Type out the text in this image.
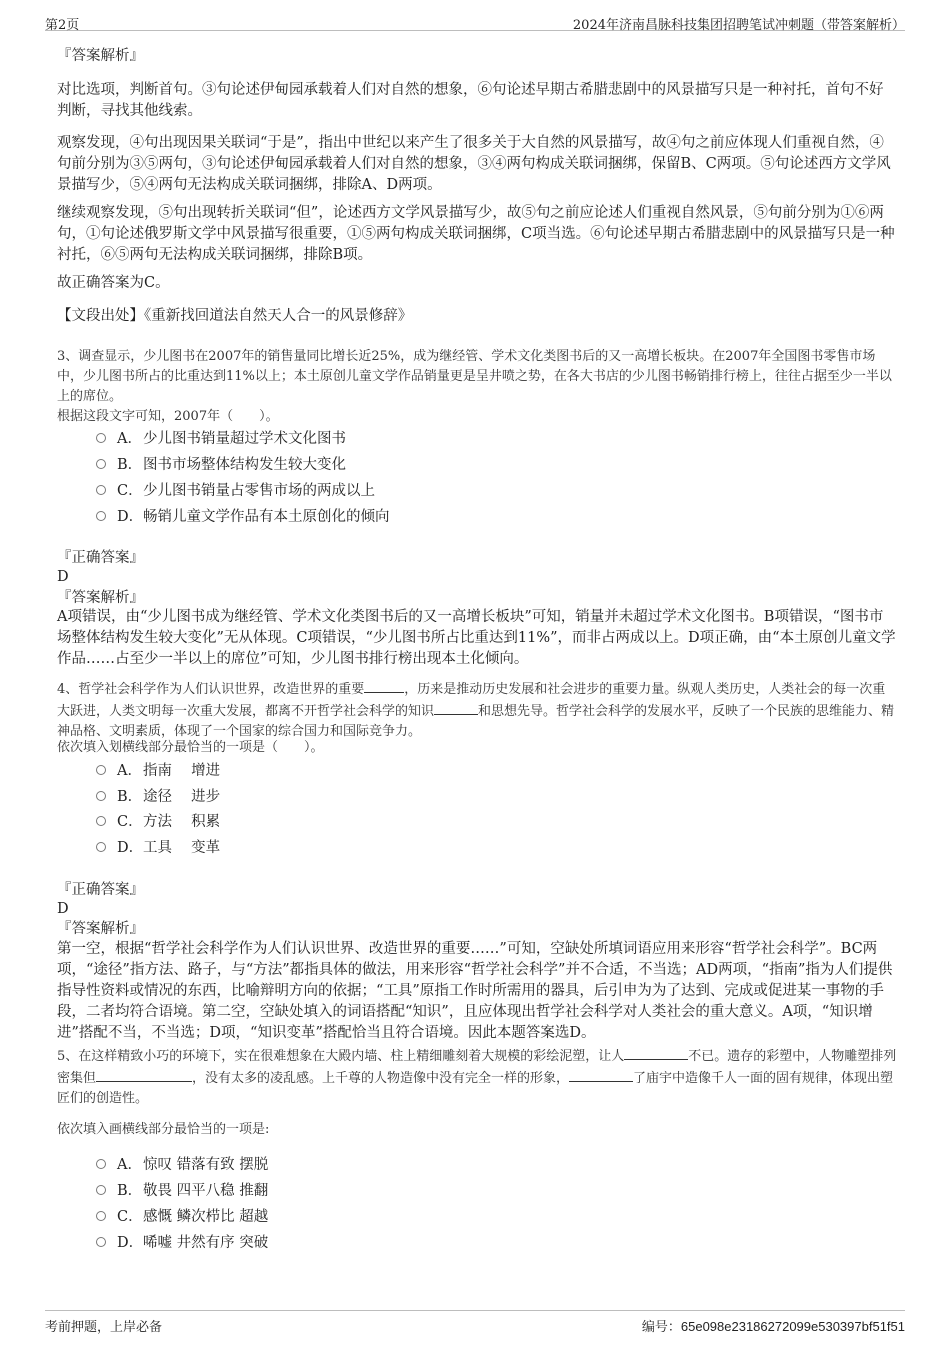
第2页	2024年济南昌脉科技集团招聘笔试冲刺题（带答案解析）

『答案解析』

对比选项，判断首句。③句论述伊甸园承载着人们对自然的想象，⑥句论述早期古希腊悲剧中的风景描写只是一种衬托，首句不好判断，寻找其他线索。

观察发现，④句出现因果关联词“于是”，指出中世纪以来产生了很多关于大自然的风景描写，故④句之前应体现人们重视自然，④句前分别为③⑤两句，③句论述伊甸园承载着人们对自然的想象，③④两句构成关联词捆绑，保留B、C两项。⑤句论述西方文学风景描写少，⑤④两句无法构成关联词捆绑，排除A、D两项。

继续观察发现，⑤句出现转折关联词“但”，论述西方文学风景描写少，故⑤句之前应论述人们重视自然风景，⑤句前分别为①⑥两句，①句论述俄罗斯文学中风景描写很重要，①⑤两句构成关联词捆绑，C项当选。⑥句论述早期古希腊悲剧中的风景描写只是一种衬托，⑥⑤两句无法构成关联词捆绑，排除B项。

故正确答案为C。

【文段出处】《重新找回道法自然天人合一的风景修辞》

3、调查显示，少儿图书在2007年的销售量同比增长近25%，成为继经管、学术文化类图书后的又一高增长板块。在2007年全国图书零售市场中，少儿图书所占的比重达到11%以上；本土原创儿童文学作品销量更是呈井喷之势，在各大书店的少儿图书畅销排行榜上，往往占据至少一半以上的席位。

根据这段文字可知，2007年（　　）。

A．少儿图书销量超过学术文化图书
B．图书市场整体结构发生较大变化
C．少儿图书销量占零售市场的两成以上
D．畅销儿童文学作品有本土原创化的倾向

『正确答案』

D

『答案解析』

A项错误，由“少儿图书成为继经管、学术文化类图书后的又一高增长板块”可知，销量并未超过学术文化图书。B项错误，“图书市场整体结构发生较大变化”无从体现。C项错误，“少儿图书所占比重达到11%”，而非占两成以上。D项正确，由“本土原创儿童文学作品……占至少一半以上的席位”可知，少儿图书排行榜出现本土化倾向。

4、哲学社会科学作为人们认识世界，改造世界的重要	，历来是推动历史发展和社会进步的重要力量。纵观人类历史，人类社会的每一次重大跃进，人类文明每一次重大发展，都离不开哲学社会科学的知识	和思想先导。哲学社会科学的发展水平，反映了一个民族的思维能力、精神品格、文明素质，体现了一个国家的综合国力和国际竞争力。

依次填入划横线部分最恰当的一项是（　　）。

A．指南　 增进
B．途径　 进步
C．方法　 积累
D．工具　 变革

『正确答案』

D

『答案解析』

第一空，根据“哲学社会科学作为人们认识世界、改造世界的重要……”可知，空缺处所填词语应用来形容“哲学社会科学”。BC两项，“途径”指方法、路子，与“方法”都指具体的做法，用来形容“哲学社会科学”并不合适，不当选；AD两项，“指南”指为人们提供指导性资料或情况的东西，比喻辩明方向的依据；“工具”原指工作时所需用的器具，后引申为为了达到、完成或促进某一事物的手段，二者均符合语境。第二空，空缺处填入的词语搭配“知识”，且应体现出哲学社会科学对人类社会的重大意义。A项，“知识增进”搭配不当，不当选；D项，“知识变革”搭配恰当且符合语境。因此本题答案选D。

5、在这样精致小巧的环境下，实在很难想象在大殿内墙、柱上精细雕刻着大规模的彩绘泥塑，让人	不已。遗存的彩塑中，人物雕塑排列密集但	，没有太多的凌乱感。上千尊的人物造像中没有完全一样的形象，	了庙宇中造像千人一面的固有规律，体现出塑匠们的创造性。

依次填入画横线部分最恰当的一项是:

A．惊叹 错落有致 摆脱
B．敬畏 四平八稳 推翻
C．感慨 鳞次栉比 超越
D．唏嘘 井然有序 突破
考前押题，上岸必备	编号：65e098e23186272099e530397bf51f51
